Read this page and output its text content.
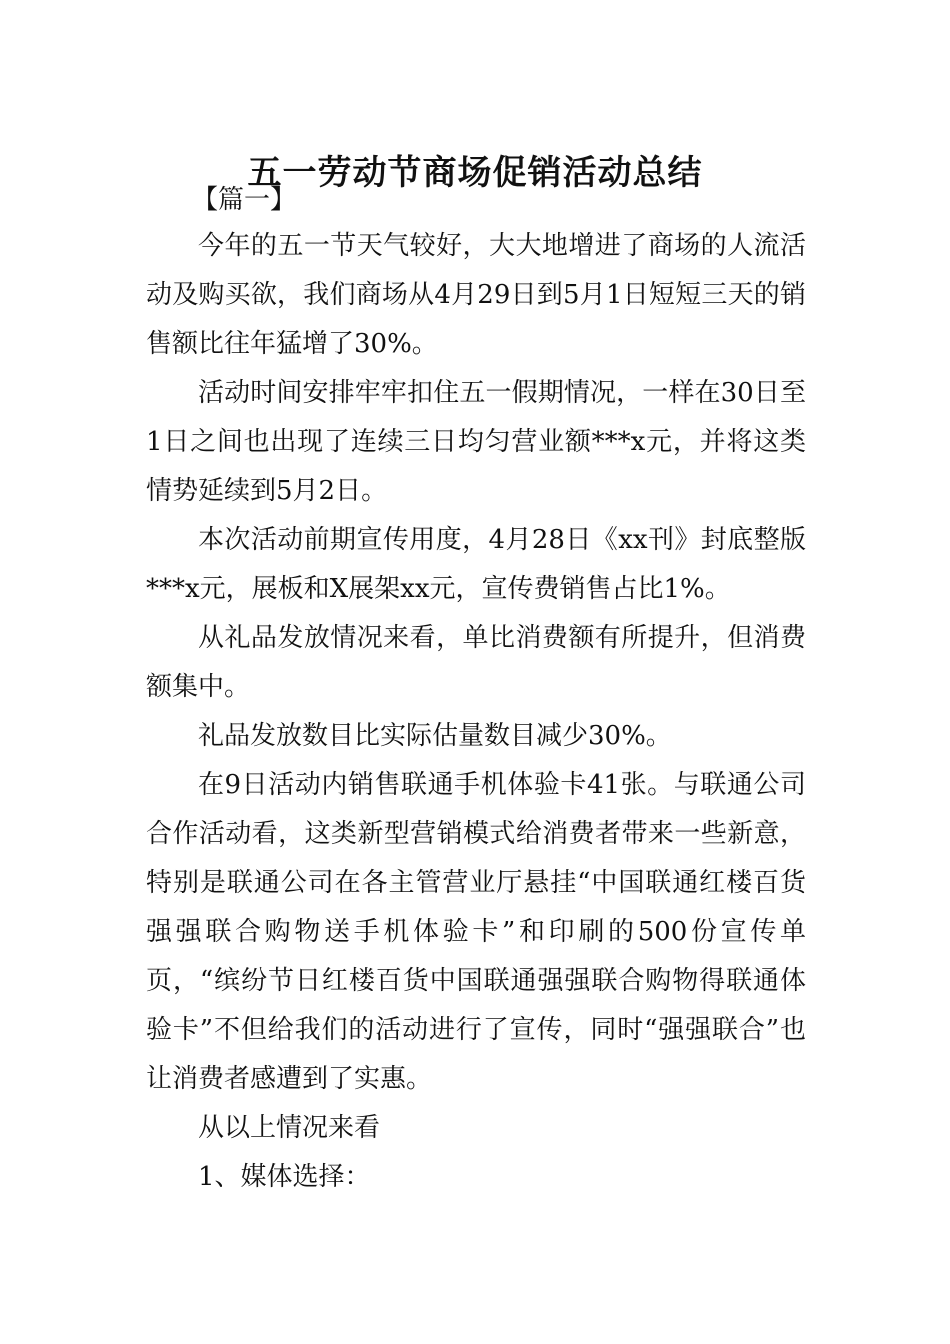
五一劳动节商场促销活动总结
【篇一】

今年的五一节天气较好，大大地增进了商场的人流活动及购买欲，我们商场从4月29日到5月1日短短三天的销售额比往年猛增了30%。

活动时间安排牢牢扣住五一假期情况，一样在30日至1日之间也出现了连续三日均匀营业额***x元，并将这类情势延续到5月2日。

本次活动前期宣传用度，4月28日《xx刊》封底整版***x元，展板和X展架xx元，宣传费销售占比1%。

从礼品发放情况来看，单比消费额有所提升，但消费额集中。

礼品发放数目比实际估量数目减少30%。

在9日活动内销售联通手机体验卡41张。与联通公司合作活动看，这类新型营销模式给消费者带来一些新意，特别是联通公司在各主管营业厅悬挂“中国联通红楼百货强强联合购物送手机体验卡”和印刷的500份宣传单页，“缤纷节日红楼百货中国联通强强联合购物得联通体验卡”不但给我们的活动进行了宣传，同时“强强联合”也让消费者感遭到了实惠。

从以上情况来看

1、媒体选择：
